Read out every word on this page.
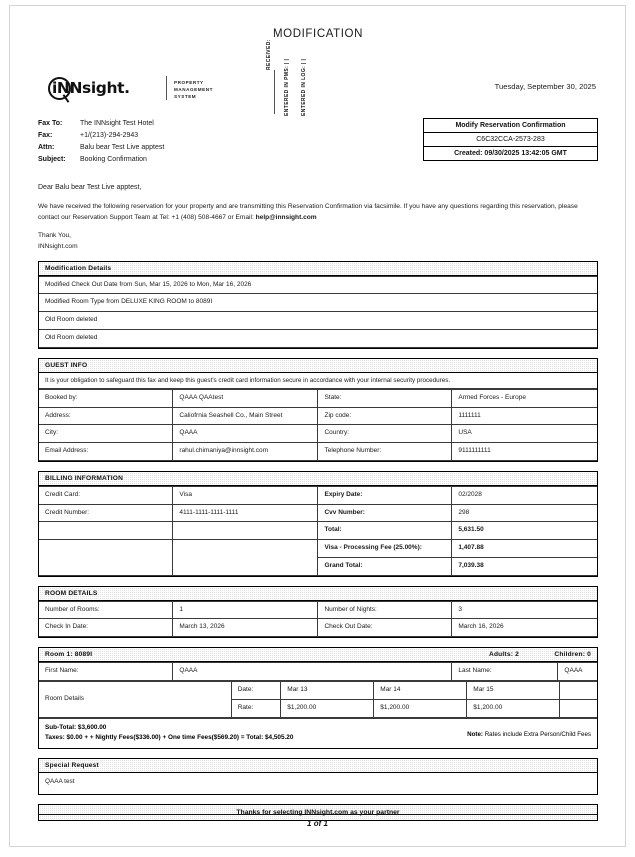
MODIFICATION
iNNsight.	PROPERTY
MANAGEMENT
SYSTEM
RECEIVED:
ENTERED IN PMS: | | ENTERED IN LOG: | |	Tuesday, September 30, 2025
Fax To:	The INNsight Test Hotel
Fax:	+1/(213)-294-2943
Attn:	Balu bear Test Live apptest
Subject: Booking Confirmation
Modify Reservation Confirmation
C6C32CCA-2573-283
Created: 09/30/2025 13:42:05 GMT

Dear Balu bear Test Live apptest,

We have received the following reservation for your property and are transmitting this Reservation Confirmation via facsimile. If you have any questions regarding this reservation, please contact our Reservation Support Team at Tel: +1 (408) 508-4667 or Email: help@innsight.com

Thank You,
INNsight.com
Modification Details
Modified Check Out Date from Sun, Mar 15, 2026 to Mon, Mar 16, 2026
Modified Room Type from DELUXE KING ROOM to 8089I
Old Room deleted
Old Room deleted
GUEST INFO
It is your obligation to safeguard this fax and keep this guest's credit card information secure in accordance with your internal security procedures.
Booked by:	QAAA QAAtest	State:	Armed Forces - Europe
Address:	Caliofrnia Seashell Co., Main Street	Zip code:	1111111
City:	QAAA	Country:	USA
Email Address:	rahul.chimaniya@innsight.com	Telephone Number:	9111111111
BILLING INFORMATION
Credit Card:	Visa	Expiry Date:	02/2028
Credit Number:	4111-1111-1111-1111	Cvv Number:	298
		Total:	5,631.50
		Visa - Processing Fee (25.00%):	1,407.88
		Grand Total:	7,039.38
ROOM DETAILS
Number of Rooms:	1	Number of Nights:	3
Check In Date:	March 13, 2026	Check Out Date:	March 16, 2026
Room 1: 8089I	Adults: 2	Children: 0
First Name:	QAAA	Last Name:	QAAA
Room Details	Date:	Mar 13	Mar 14	Mar 15	
	Rate:	$1,200.00	$1,200.00	$1,200.00	
Sub-Total: $3,600.00
Taxes: $0.00 + + Nightly Fees($336.00) + One time Fees($569.20) = Total: $4,505.20	Note: Rates include Extra Person/Child Fees
Special Request
QAAA test
Thanks for selecting INNsight.com as your partner
1 of 1
